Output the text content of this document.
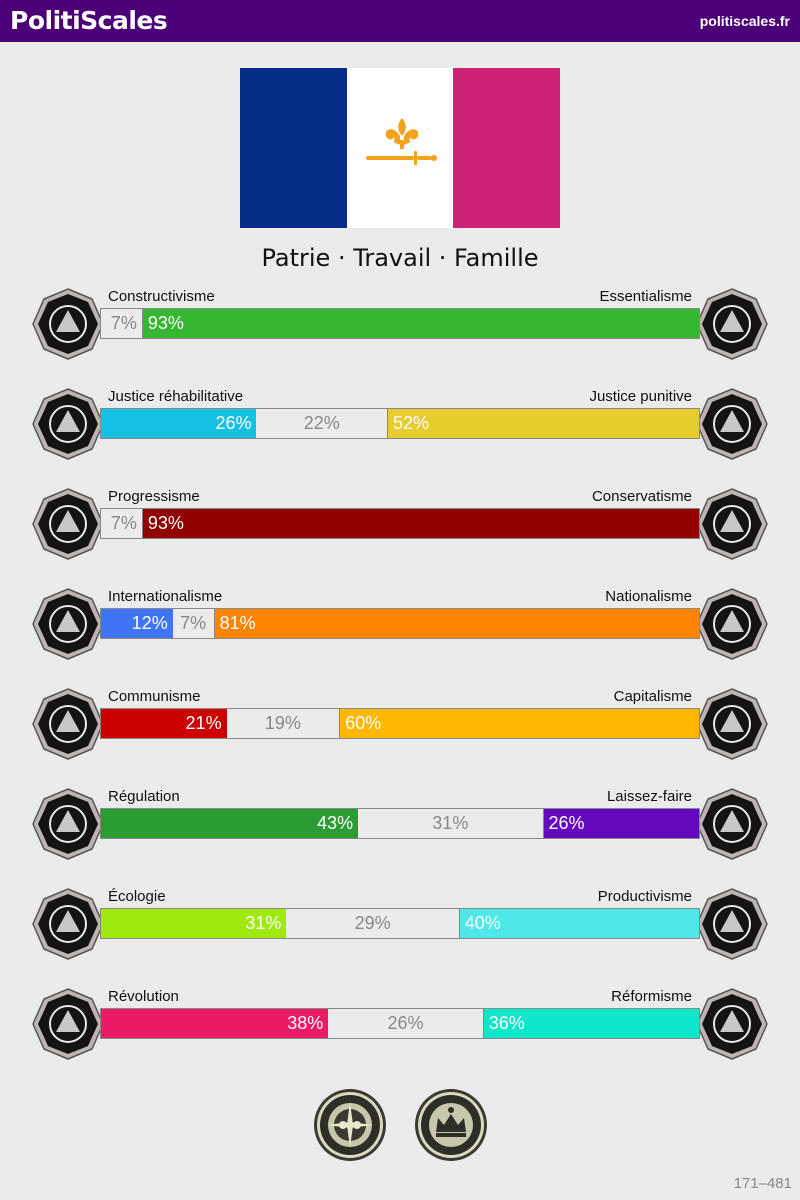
PolitiScales	politiscales.fr
Patrie · Travail · Famille
Constructivisme	Essentialisme
7% 93%
Justice réhabilitative	Justice punitive
26%	22%	52%
Progressisme	Conservatisme
7% 93%
Internationalisme	Nationalisme
12% 7% 81%
Communisme	Capitalisme
21%	19%	60%
Régulation	Laissez-faire
43%	31%	26%
Écologie	Productivisme
31%	29%	40%
Révolution	Réformisme
38%	26%	36%
171–481
